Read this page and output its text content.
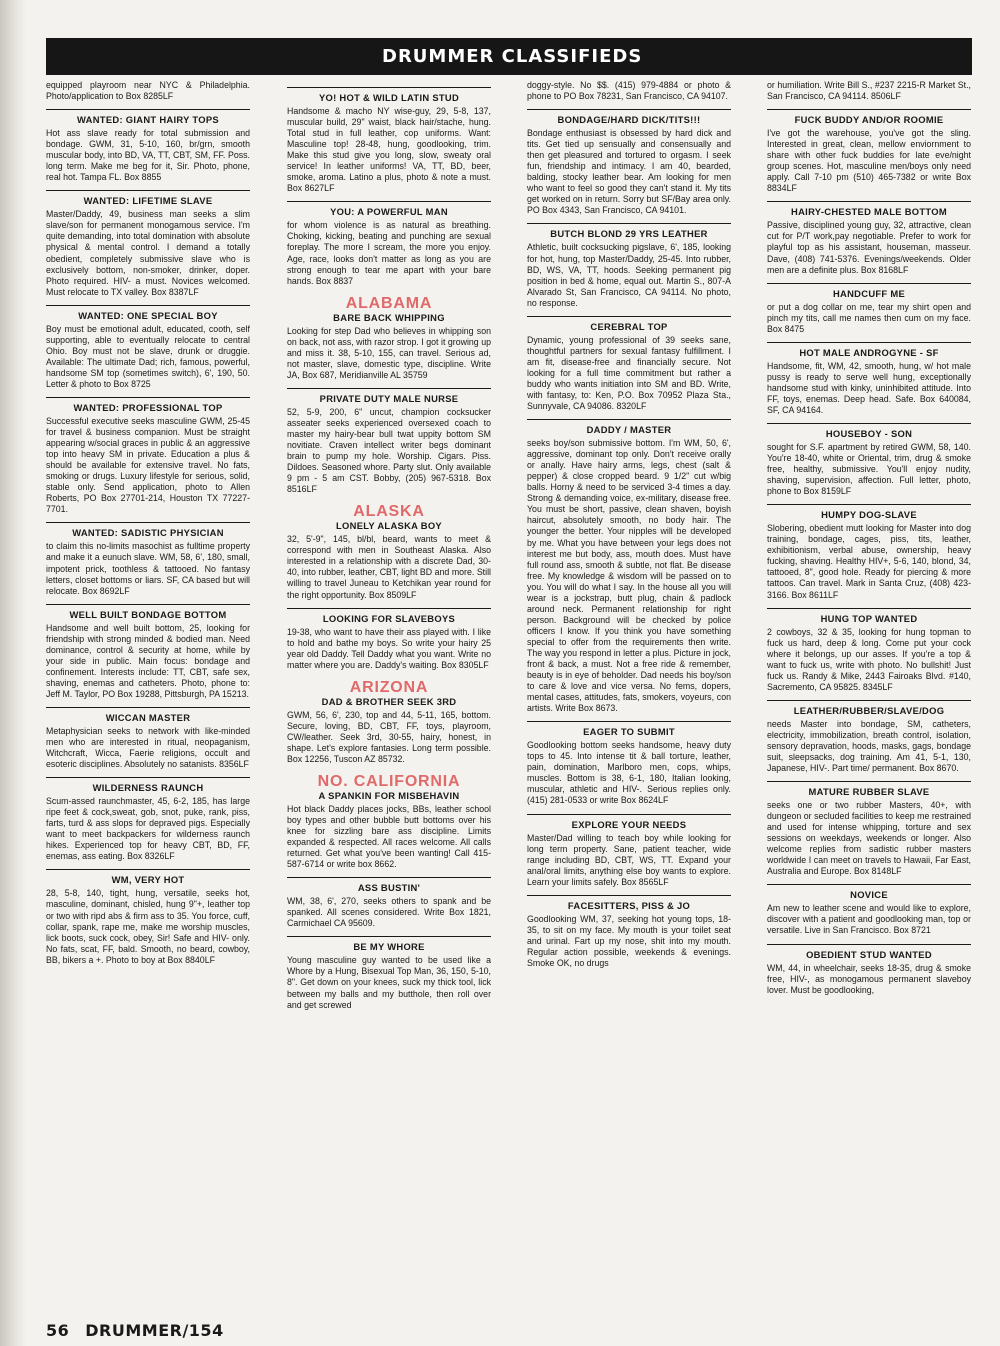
DRUMMER CLASSIFIEDS

equipped playroom near NYC & Philadelphia. Photo/application to Box 8285LF

WANTED: GIANT HAIRY TOPS

Hot ass slave ready for total submission and bondage. GWM, 31, 5-10, 160, br/grn, smooth muscular body, into BD, VA, TT, CBT, SM, FF. Poss. long term. Make me beg for it, Sir. Photo, phone, real hot. Tampa FL. Box 8855

WANTED: LIFETIME SLAVE

Master/Daddy, 49, business man seeks a slim slave/son for permanent monogamous service. I'm quite demanding, into total domination with absolute physical & mental control. I demand a totally obedient, completely submissive slave who is exclusively bottom, non-smoker, drinker, doper. Photo required. HIV- a must. Novices welcomed. Must relocate to TX valley. Box 8387LF

WANTED: ONE SPECIAL BOY

Boy must be emotional adult, educated, cooth, self supporting, able to eventually relocate to central Ohio. Boy must not be slave, drunk or druggie. Available: The ultimate Dad; rich, famous, powerful, handsome SM top (sometimes switch), 6', 190, 50. Letter & photo to Box 8725

WANTED: PROFESSIONAL TOP

Successful executive seeks masculine GWM, 25-45 for travel & business companion. Must be straight appearing w/social graces in public & an aggressive top into heavy SM in private. Education a plus & should be available for extensive travel. No fats, smoking or drugs. Luxury lifestyle for serious, solid, stable only. Send application, photo to Allen Roberts, PO Box 27701-214, Houston TX 77227-7701.

WANTED: SADISTIC PHYSICIAN

to claim this no-limits masochist as fulltime property and make it a eunuch slave. WM, 58, 6', 180, small, impotent prick, toothless & tattooed. No fantasy letters, closet bottoms or liars. SF, CA based but will relocate. Box 8692LF

WELL BUILT BONDAGE BOTTOM

Handsome and well built bottom, 25, looking for friendship with strong minded & bodied man. Need dominance, control & security at home, while by your side in public. Main focus: bondage and confinement. Interests include: TT, CBT, safe sex, shaving, enemas and catheters. Photo, phone to: Jeff M. Taylor, PO Box 19288, Pittsburgh, PA 15213.

WICCAN MASTER

Metaphysician seeks to network with like-minded men who are interested in ritual, neopaganism, Witchcraft, Wicca, Faerie religions, occult and esoteric disciplines. Absolutely no satanists. 8356LF

WILDERNESS RAUNCH

Scum-assed raunchmaster, 45, 6-2, 185, has large ripe feet & cock,sweat, gob, snot, puke, rank, piss, farts, turd & ass slops for depraved pigs. Especially want to meet backpackers for wilderness raunch hikes. Experienced top for heavy CBT, BD, FF, enemas, ass eating. Box 8326LF

WM, VERY HOT

28, 5-8, 140, tight, hung, versatile, seeks hot, masculine, dominant, chisled, hung 9"+, leather top or two with ripd abs & firm ass to 35. You force, cuff, collar, spank, rape me, make me worship muscles, lick boots, suck cock, obey, Sir! Safe and HIV- only. No fats, scat, FF, bald. Smooth, no beard, cowboy, BB, bikers a +. Photo to boy at Box 8840LF

YO! HOT & WILD LATIN STUD

Handsome & macho NY wise-guy, 29, 5-8, 137, muscular build, 29" waist, black hair/stache, hung. Total stud in full leather, cop uniforms. Want: Masculine top! 28-48, hung, goodlooking, trim. Make this stud give you long, slow, sweaty oral service! In leather uniforms! VA, TT, BD, beer, smoke, aroma. Latino a plus, photo & note a must. Box 8627LF

YOU: A POWERFUL MAN

for whom violence is as natural as breathing. Choking, kicking, beating and punching are sexual foreplay. The more I scream, the more you enjoy. Age, race, looks don't matter as long as you are strong enough to tear me apart with your bare hands. Box 8837

ALABAMA
BARE BACK WHIPPING

Looking for step Dad who believes in whipping son on back, not ass, with razor strop. I got it growing up and miss it. 38, 5-10, 155, can travel. Serious ad, not master, slave, domestic type, discipline. Write JA, Box 687, Meridianville AL 35759

PRIVATE DUTY MALE NURSE

52, 5-9, 200, 6" uncut, champion cocksucker asseater seeks experienced oversexed coach to master my hairy-bear bull twat uppity bottom SM novitiate. Craven intellect writer begs dominant brain to pump my hole. Worship. Cigars. Piss. Dildoes. Seasoned whore. Party slut. Only available 9 pm - 5 am CST. Bobby, (205) 967-5318. Box 8516LF

ALASKA
LONELY ALASKA BOY

32, 5'-9", 145, bl/bl, beard, wants to meet & correspond with men in Southeast Alaska. Also interested in a relationship with a discrete Dad, 30-40, into rubber, leather, CBT, light BD and more. Still willing to travel Juneau to Ketchikan year round for the right opportunity. Box 8509LF

LOOKING FOR SLAVEBOYS

19-38, who want to have their ass played with. I like to hold and bathe my boys. So write your hairy 25 year old Daddy. Tell Daddy what you want. Write no matter where you are. Daddy's waiting. Box 8305LF

ARIZONA
DAD & BROTHER SEEK 3RD

GWM, 56, 6', 230, top and 44, 5-11, 165, bottom. Secure, loving, BD, CBT, FF, toys, playroom, CW/leather. Seek 3rd, 30-55, hairy, honest, in shape. Let's explore fantasies. Long term possible. Box 12256, Tuscon AZ 85732.

NO. CALIFORNIA
A SPANKIN FOR MISBEHAVIN

Hot black Daddy places jocks, BBs, leather school boy types and other bubble butt bottoms over his knee for sizzling bare ass discipline. Limits expanded & respected. All races welcome. All calls returned. Get what you've been wanting! Call 415-587-6714 or write box 8662.

ASS BUSTIN'

WM, 38, 6', 270, seeks others to spank and be spanked. All scenes considered. Write Box 1821, Carmichael CA 95609.

BE MY WHORE

Young masculine guy wanted to be used like a Whore by a Hung, Bisexual Top Man, 36, 150, 5-10, 8". Get down on your knees, suck my thick tool, lick between my balls and my butthole, then roll over and get screwed

doggy-style. No $$. (415) 979-4884 or photo & phone to PO Box 78231, San Francisco, CA 94107.

BONDAGE/HARD DICK/TITS!!!

Bondage enthusiast is obsessed by hard dick and tits. Get tied up sensually and consensually and then get pleasured and tortured to orgasm. I seek fun, friendship and intimacy. I am 40, bearded, balding, stocky leather bear. Am looking for men who want to feel so good they can't stand it. My tits get worked on in return. Sorry but SF/Bay area only. PO Box 4343, San Francisco, CA 94101.

BUTCH BLOND 29 YRS LEATHER

Athletic, built cocksucking pigslave, 6', 185, looking for hot, hung, top Master/Daddy, 25-45. Into rubber, BD, WS, VA, TT, hoods. Seeking permanent pig position in bed & home, equal out. Martin S., 807-A Alvarado St, San Francisco, CA 94114. No photo, no response.

CEREBRAL TOP

Dynamic, young professional of 39 seeks sane, thoughtful partners for sexual fantasy fulfillment. I am fit, disease-free and financially secure. Not looking for a full time commitment but rather a buddy who wants initiation into SM and BD. Write, with fantasy, to: Ken, P.O. Box 70952 Plaza Sta., Sunnyvale, CA 94086. 8320LF

DADDY / MASTER

seeks boy/son submissive bottom. I'm WM, 50, 6', aggressive, dominant top only. Don't receive orally or anally. Have hairy arms, legs, chest (salt & pepper) & close cropped beard. 9 1/2" cut w/big balls. Horny & need to be serviced 3-4 times a day. Strong & demanding voice, ex-military, disease free. You must be short, passive, clean shaven, boyish haircut, absolutely smooth, no body hair. The younger the better. Your nipples will be developed by me. What you have between your legs does not interest me but body, ass, mouth does. Must have full round ass, smooth & subtle, not flat. Be disease free. My knowledge & wisdom will be passed on to you. You will do what I say. In the house all you will wear is a jockstrap, butt plug, chain & padlock around neck. Permanent relationship for right person. Background will be checked by police officers I know. If you think you have something special to offer from the requirements then write. The way you respond in letter a plus. Picture in jock, front & back, a must. Not a free ride & remember, beauty is in eye of beholder. Dad needs his boy/son to care & love and vice versa. No fems, dopers, mental cases, attitudes, fats, smokers, voyeurs, con artists. Write Box 8673.

EAGER TO SUBMIT

Goodlooking bottom seeks handsome, heavy duty tops to 45. Into intense tit & ball torture, leather, pain, domination, Marlboro men, cops, whips, muscles. Bottom is 38, 6-1, 180, Italian looking, muscular, athletic and HIV-. Serious replies only. (415) 281-0533 or write Box 8624LF

EXPLORE YOUR NEEDS

Master/Dad willing to teach boy while looking for long term property. Sane, patient teacher, wide range including BD, CBT, WS, TT. Expand your anal/oral limits, anything else boy wants to explore. Learn your limits safely. Box 8565LF

FACESITTERS, PISS & JO

Goodlooking WM, 37, seeking hot young tops, 18-35, to sit on my face. My mouth is your toilet seat and urinal. Fart up my nose, shit into my mouth. Regular action possible, weekends & evenings. Smoke OK, no drugs

or humiliation. Write Bill S., #237 2215-R Market St., San Francisco, CA 94114. 8506LF

FUCK BUDDY AND/OR ROOMIE

I've got the warehouse, you've got the sling. Interested in great, clean, mellow enviornment to share with other fuck buddies for late eve/night group scenes. Hot, masculine men/boys only need apply. Call 7-10 pm (510) 465-7382 or write Box 8834LF

HAIRY-CHESTED MALE BOTTOM

Passive, disciplined young guy, 32, attractive, clean cut for P/T work,pay negotiable. Prefer to work for playful top as his assistant, houseman, masseur. Dave, (408) 741-5376. Evenings/weekends. Older men are a definite plus. Box 8168LF

HANDCUFF ME

or put a dog collar on me, tear my shirt open and pinch my tits, call me names then cum on my face. Box 8475

HOT MALE ANDROGYNE - SF

Handsome, fit, WM, 42, smooth, hung, w/ hot male pussy is ready to serve well hung, exceptionally handsome stud with kinky, uninhibited attitude. Into FF, toys, enemas. Deep head. Safe. Box 640084, SF, CA 94164.

HOUSEBOY - SON

sought for S.F. apartment by retired GWM, 58, 140. You're 18-40, white or Oriental, trim, drug & smoke free, healthy, submissive. You'll enjoy nudity, shaving, supervision, affection. Full letter, photo, phone to Box 8159LF

HUMPY DOG-SLAVE

Slobering, obedient mutt looking for Master into dog training, bondage, cages, piss, tits, leather, exhibitionism, verbal abuse, ownership, heavy fucking, shaving. Healthy HIV+, 5-6, 140, blond, 34, tattooed, 8", good hole. Ready for piercing & more tattoos. Can travel. Mark in Santa Cruz, (408) 423-3166. Box 8611LF

HUNG TOP WANTED

2 cowboys, 32 & 35, looking for hung topman to fuck us hard, deep & long. Come put your cock where it belongs, up our asses. If you're a top & want to fuck us, write with photo. No bullshit! Just fuck us. Randy & Mike, 2443 Fairoaks Blvd. #140, Sacremento, CA 95825. 8345LF

LEATHER/RUBBER/SLAVE/DOG

needs Master into bondage, SM, catheters, electricity, immobilization, breath control, isolation, sensory depravation, hoods, masks, gags, bondage suit, sleepsacks, dog training. Am 41, 5-1, 130, Japanese, HIV-. Part time/ permanent. Box 8670.

MATURE RUBBER SLAVE

seeks one or two rubber Masters, 40+, with dungeon or secluded facilities to keep me restrained and used for intense whipping, torture and sex sessions on weekdays, weekends or longer. Also welcome replies from sadistic rubber masters worldwide I can meet on travels to Hawaii, Far East, Australia and Europe. Box 8148LF

NOVICE

Am new to leather scene and would like to explore, discover with a patient and goodlooking man, top or versatile. Live in San Francisco. Box 8721

OBEDIENT STUD WANTED

WM, 44, in wheelchair, seeks 18-35, drug & smoke free, HIV-, as monogamous permanent slaveboy lover. Must be goodlooking,

56 DRUMMER/154
